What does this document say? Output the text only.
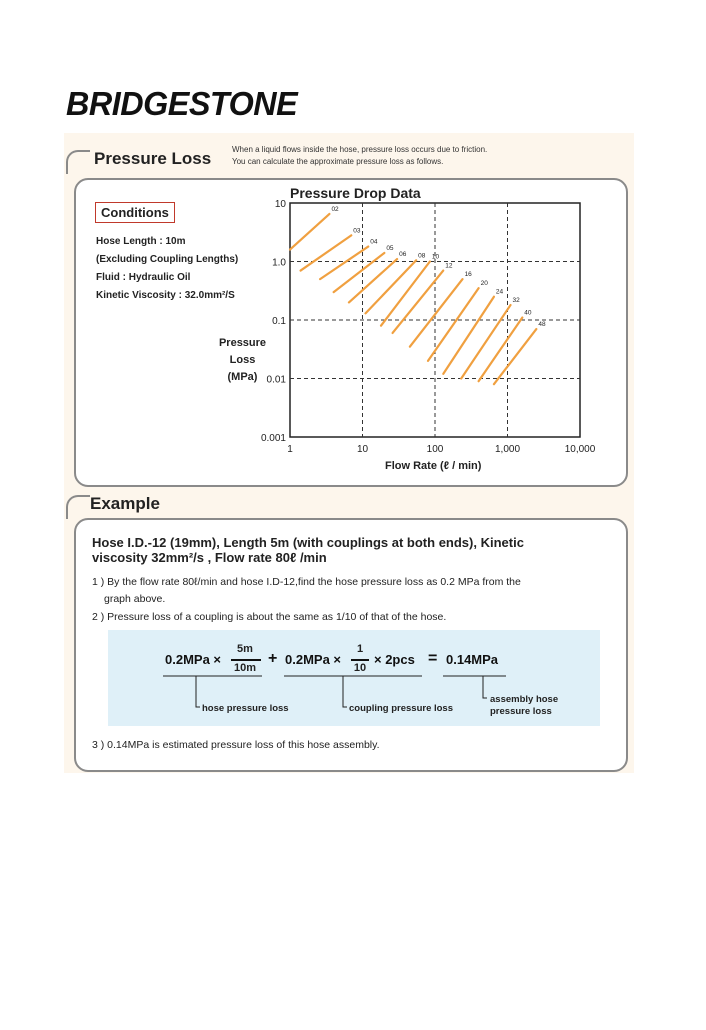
BRIDGESTONE
Pressure Loss	When a liquid flows inside the hose, pressure loss occurs due to friction.
You can calculate the approximate pressure loss as follows.
Conditions
Hose Length : 10m
(Excluding Coupling Lengths)
Fluid : Hydraulic Oil
Kinetic Viscosity : 32.0mm²/S
Pressure Drop Data
Pressure
Loss
(MPa)
Flow Rate (ℓ / min)
1	10	100	1,000	10,000
10
1.0
0.1
0.01
0.001
02
03
04
05
06 08 10
12
16
20
24
32
40
48
Example
Hose I.D.-12 (19mm), Length 5m (with couplings at both ends), Kinetic
viscosity 32mm²/s , Flow rate 80ℓ /min
1 ) By the flow rate 80ℓ/min and hose I.D-12,find the hose pressure loss as 0.2 MPa from the
graph above.
2 ) Pressure loss of a coupling is about the same as 1/10 of that of the hose.
0.2MPa ×
5m
10m
+ 0.2MPa ×
1
10
× 2pcs = 0.14MPa
hose pressure loss	coupling pressure loss
assembly hose
pressure loss
3 ) 0.14MPa is estimated pressure loss of this hose assembly.
